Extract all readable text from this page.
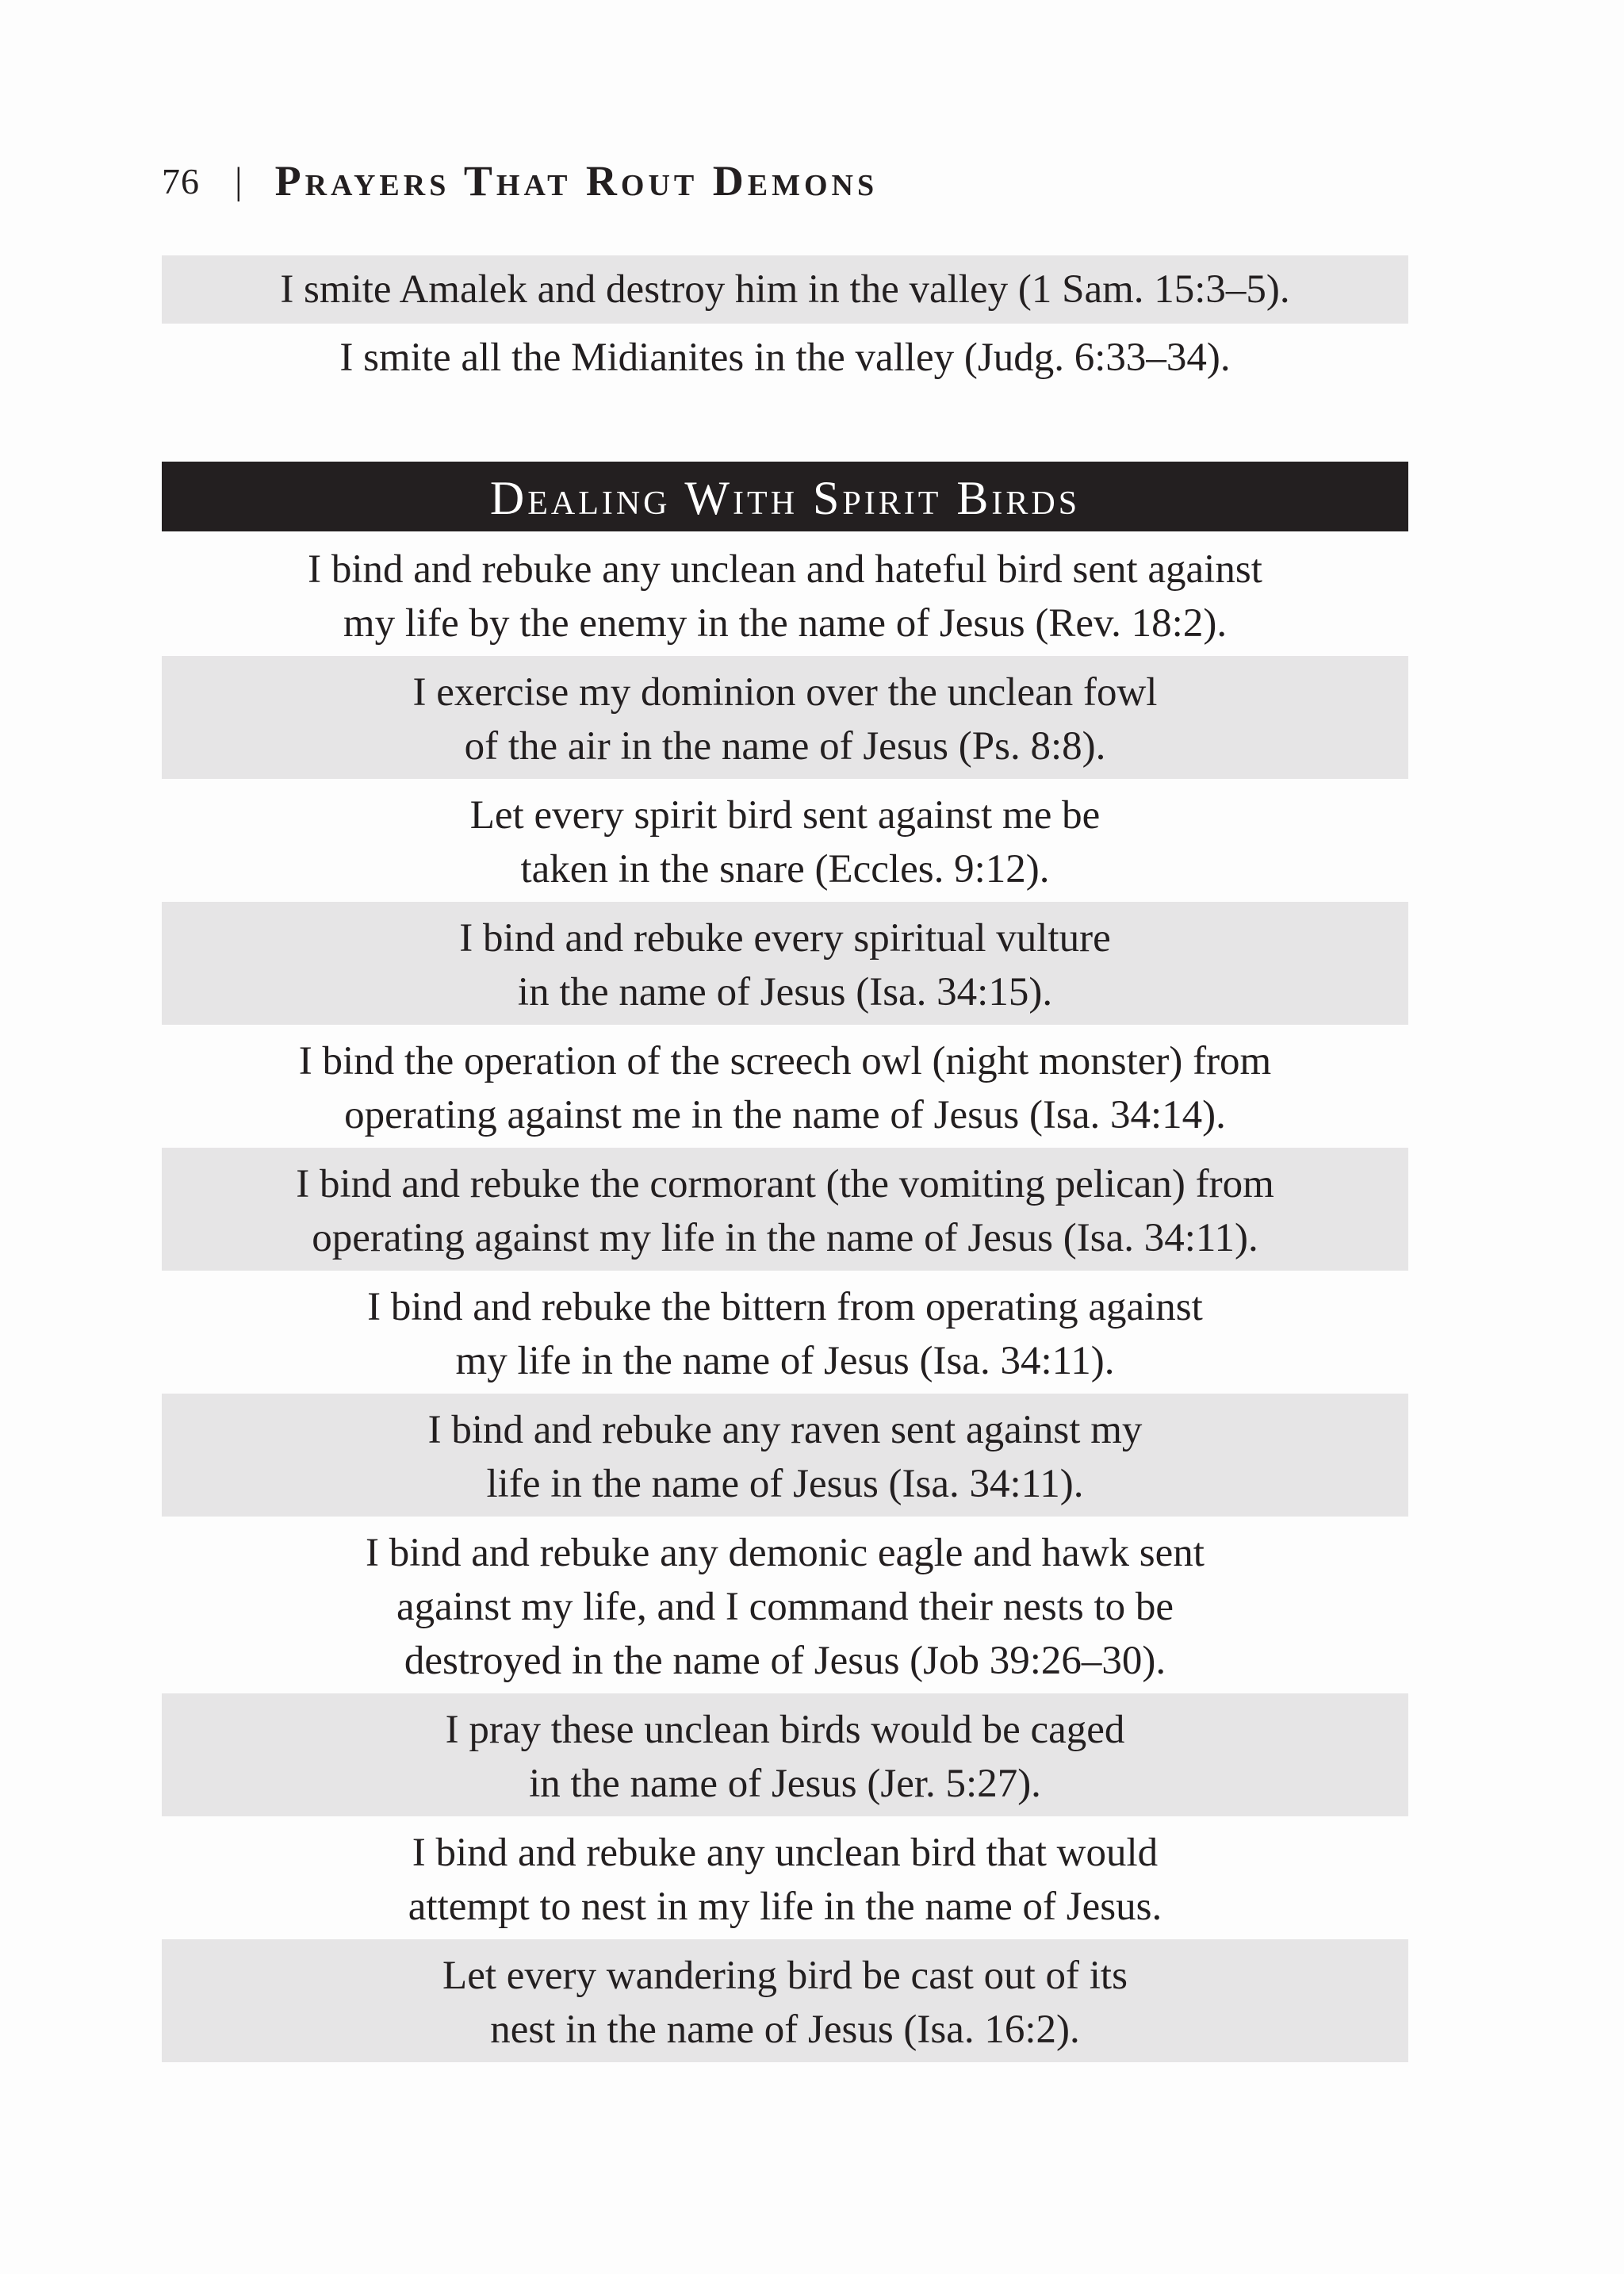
76 | Prayers That Rout Demons
I smite Amalek and destroy him in the valley (1 Sam. 15:3–5).
I smite all the Midianites in the valley (Judg. 6:33–34).
Dealing With Spirit Birds
I bind and rebuke any unclean and hateful bird sent against
my life by the enemy in the name of Jesus (Rev. 18:2).
I exercise my dominion over the unclean fowl
of the air in the name of Jesus (Ps. 8:8).
Let every spirit bird sent against me be
taken in the snare (Eccles. 9:12).
I bind and rebuke every spiritual vulture
in the name of Jesus (Isa. 34:15).
I bind the operation of the screech owl (night monster) from
operating against me in the name of Jesus (Isa. 34:14).
I bind and rebuke the cormorant (the vomiting pelican) from
operating against my life in the name of Jesus (Isa. 34:11).
I bind and rebuke the bittern from operating against
my life in the name of Jesus (Isa. 34:11).
I bind and rebuke any raven sent against my
life in the name of Jesus (Isa. 34:11).
I bind and rebuke any demonic eagle and hawk sent
against my life, and I command their nests to be
destroyed in the name of Jesus (Job 39:26–30).
I pray these unclean birds would be caged
in the name of Jesus (Jer. 5:27).
I bind and rebuke any unclean bird that would
attempt to nest in my life in the name of Jesus.
Let every wandering bird be cast out of its
nest in the name of Jesus (Isa. 16:2).
